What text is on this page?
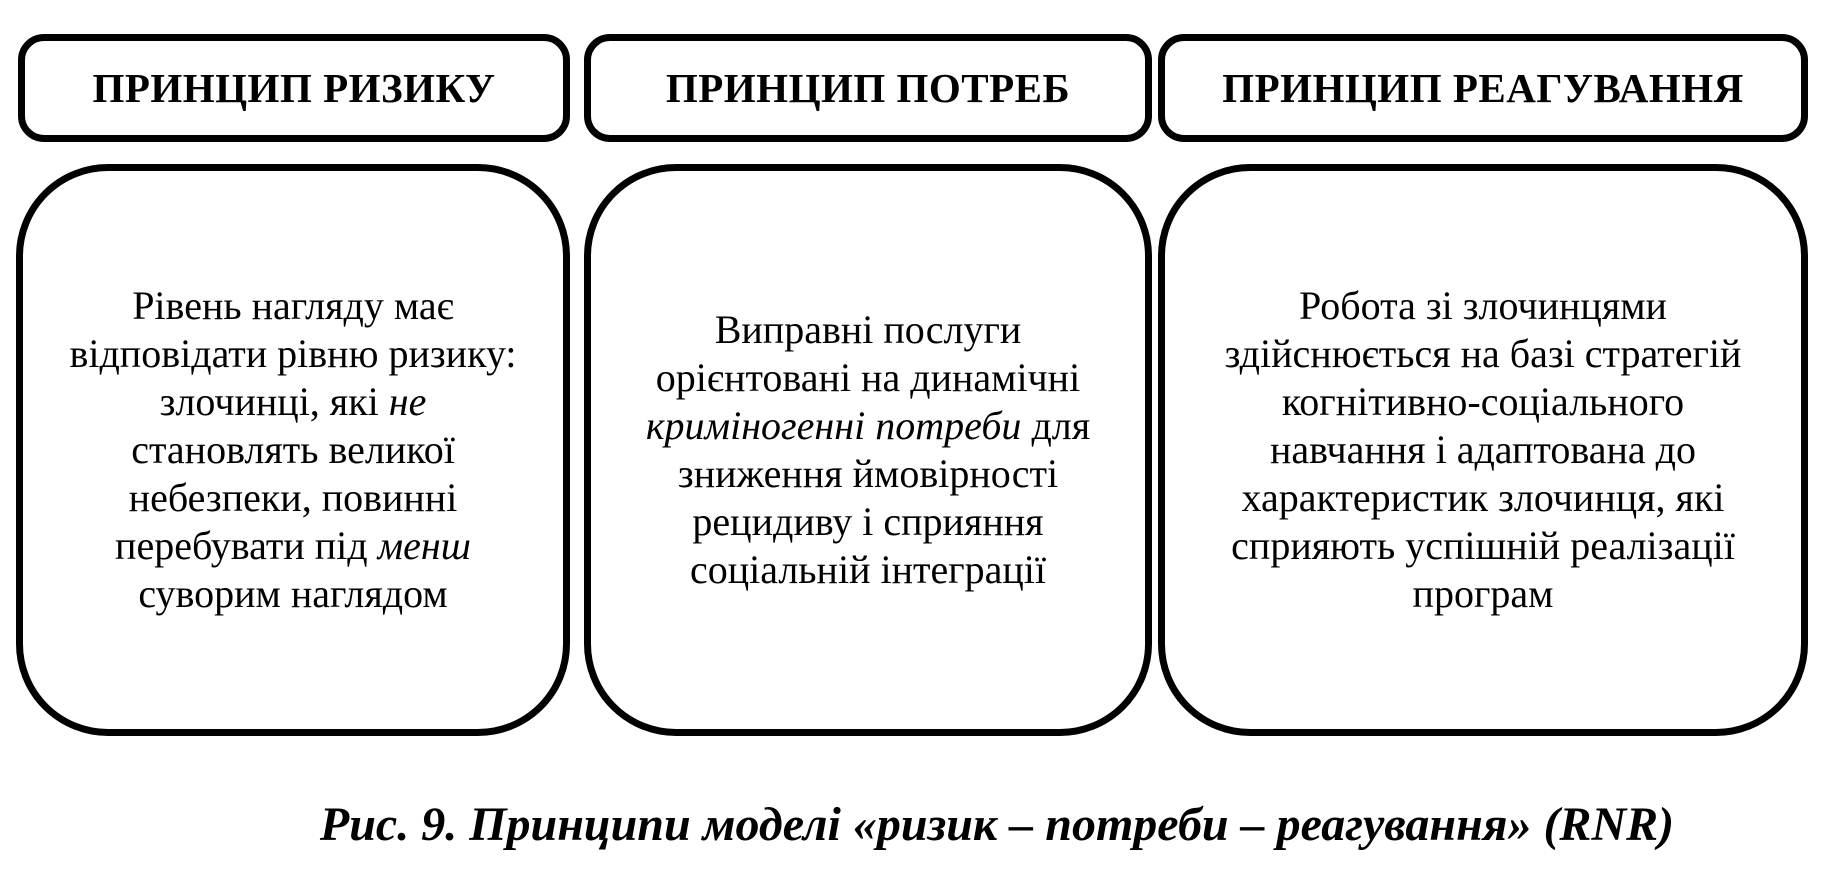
ПРИНЦИП РИЗИКУ
Рівень нагляду має відповідати рівню ризику: злочинці, які не становлять великої небезпеки, повинні перебувати під менш суворим наглядом
ПРИНЦИП ПОТРЕБ
Виправні послуги орієнтовані на динамічні криміногенні потреби для зниження ймовірності рецидиву і сприяння соціальній інтеграції
ПРИНЦИП РЕАГУВАННЯ
Робота зі злочинцями здійснюється на базі стратегій когнітивно-соціального навчання і адаптована до характеристик злочинця, які сприяють успішній реалізації програм
Рис. 9. Принципи моделі «ризик – потреби – реагування» (RNR)
